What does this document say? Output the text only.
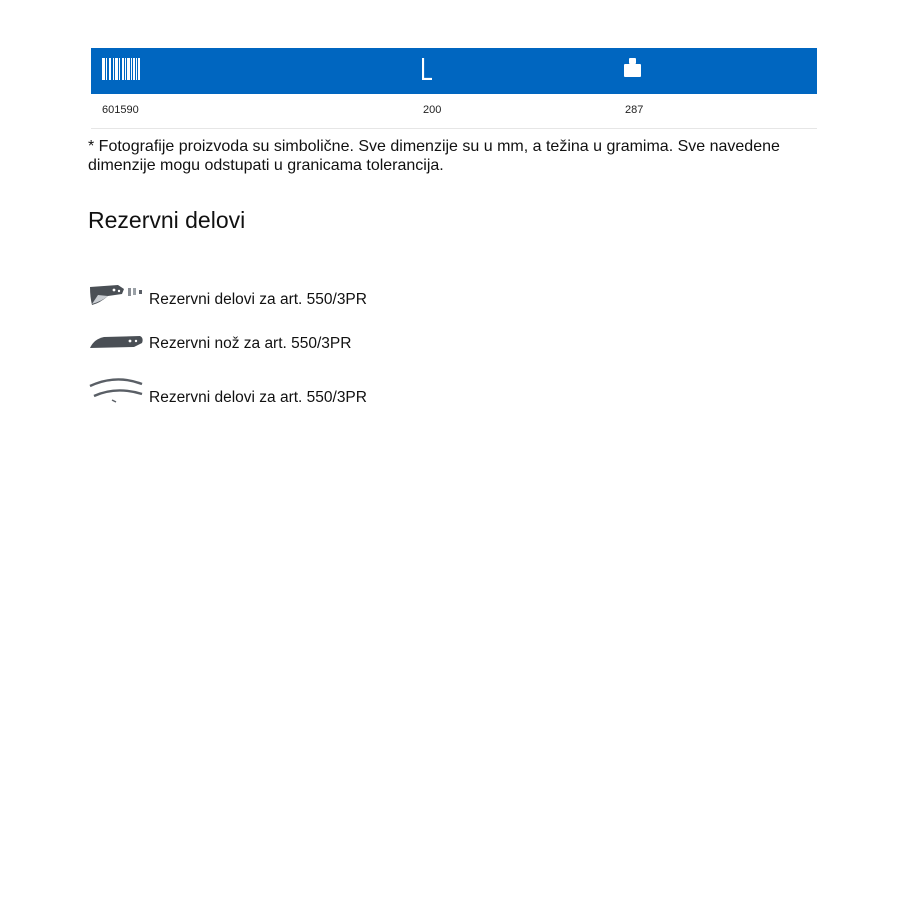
601590	200	287
* Fotografije proizvoda su simbolične. Sve dimenzije su u mm, a težina u gramima. Sve navedene dimenzije mogu odstupati u granicama tolerancija.
Rezervni delovi
Rezervni delovi za art. 550/3PR
Rezervni nož za art. 550/3PR
Rezervni delovi za art. 550/3PR
